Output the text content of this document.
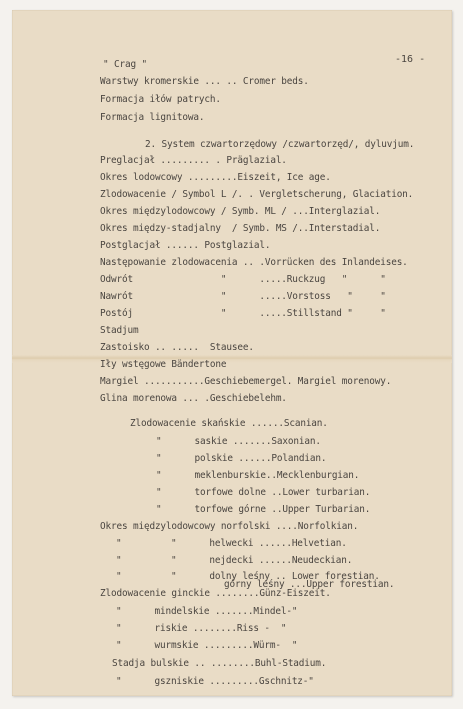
-16 -
" Crag "
Warstwy kromerskie ... .. Cromer beds.
Formacja iłów patrych.
Formacja lignitowa.
2. System czwartorzędowy /czwartorzęd/, dyluvjum.
Preglacjał ......... . Präglazial.
Okres lodowcowy .........Eiszeit, Ice age.
Zlodowacenie / Symbol L /. . Vergletscherung, Glaciation.
Okres międzylodowcowy / Symb. ML / ...Interglazial.
Okres między-stadjalny  / Symb. MS /..Interstadial.
Postglacjał ...... Postglazial.
Następowanie zlodowacenia .. .Vorrücken des Inlandeises.
Odwrót                "      .....Ruckzug   "      "
Nawrót                "      .....Vorstoss   "     "
Postój                "      .....Stillstand "     "
Stadjum
Zastoisko .. .....  Stausee.
Iły wstęgowe Bändertone
Margiel ...........Geschiebemergel. Margiel morenowy.
Glina morenowa ... .Geschiebelehm.
Zlodowacenie skańskie ......Scanian.
"      saskie .......Saxonian.
"      polskie ......Polandian.
"      meklenburskie..Mecklenburgian.
"      torfowe dolne ..Lower turbarian.
"      torfowe górne ..Upper Turbarian.
Okres międzylodowcowy norfolski ....Norfolkian.
"         "      helwecki ......Helvetian.
"         "      nejdecki ......Neudeckian.
"         "      dolny leśny .. Lower forestian.
górny leśny ...Upper forestian.
Zlodowacenie ginckie ........Günz-Eiszeit.
"      mindelskie .......Mindel-"
"      riskie ........Riss -  "
"      wurmskie .........Würm-  "
Stadja bulskie .. ........Buhl-Stadium.
"      gszniskie .........Gschnitz-"
